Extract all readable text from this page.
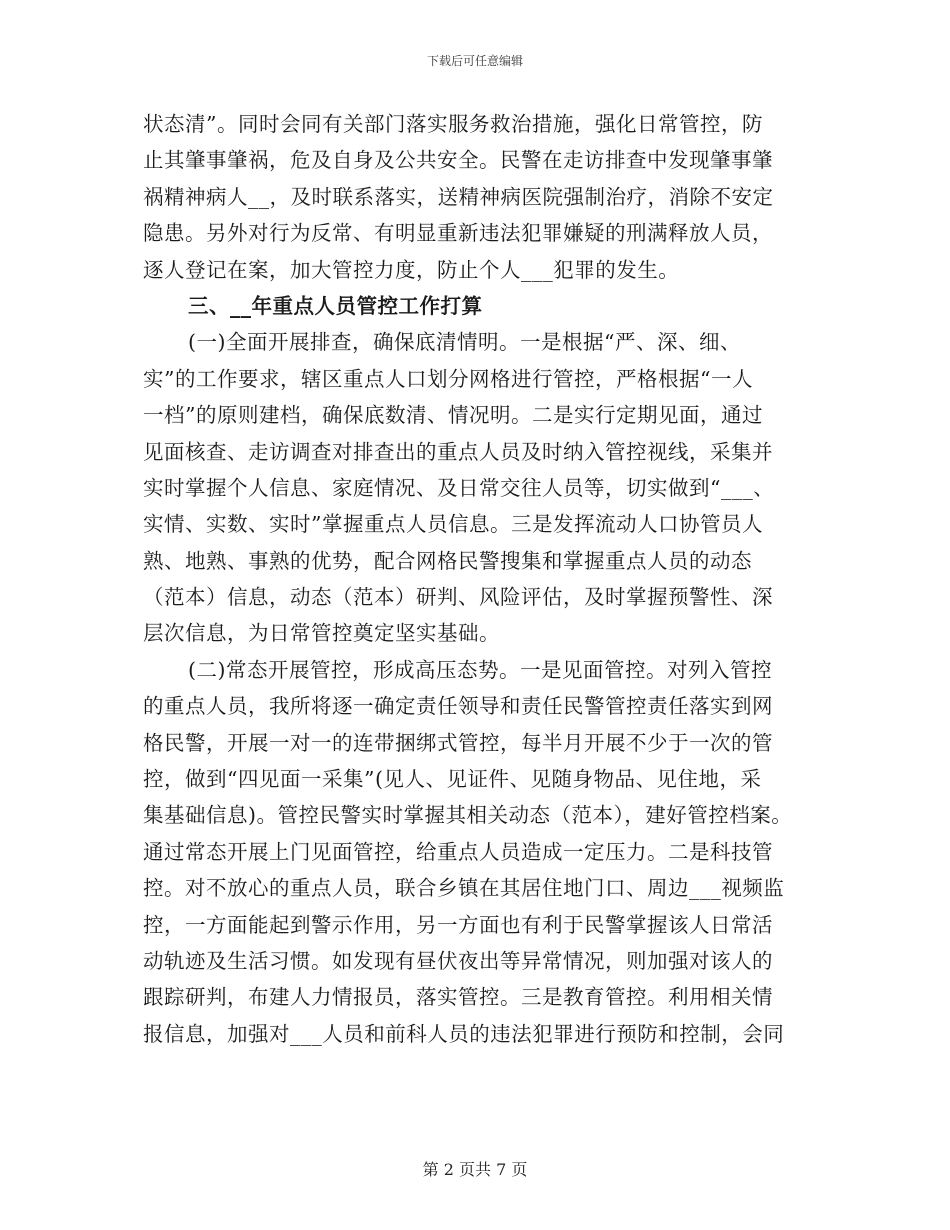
下载后可任意编辑
状态清”。同时会同有关部门落实服务救治措施，强化日常管控，防
止其肇事肇祸，危及自身及公共安全。民警在走访排查中发现肇事肇
祸精神病人__，及时联系落实，送精神病医院强制治疗，消除不安定
隐患。另外对行为反常、有明显重新违法犯罪嫌疑的刑满释放人员，
逐人登记在案，加大管控力度，防止个人___犯罪的发生。
三、__年重点人员管控工作打算
(一)全面开展排查，确保底清情明。一是根据“严、深、细、
实”的工作要求，辖区重点人口划分网格进行管控，严格根据“一人
一档”的原则建档，确保底数清、情况明。二是实行定期见面，通过
见面核查、走访调查对排查出的重点人员及时纳入管控视线，采集并
实时掌握个人信息、家庭情况、及日常交往人员等，切实做到“___、
实情、实数、实时”掌握重点人员信息。三是发挥流动人口协管员人
熟、地熟、事熟的优势，配合网格民警搜集和掌握重点人员的动态
（范本）信息，动态（范本）研判、风险评估，及时掌握预警性、深
层次信息，为日常管控奠定坚实基础。
(二)常态开展管控，形成高压态势。一是见面管控。对列入管控
的重点人员，我所将逐一确定责任领导和责任民警管控责任落实到网
格民警，开展一对一的连带捆绑式管控，每半月开展不少于一次的管
控，做到“四见面一采集”(见人、见证件、见随身物品、见住地，采
集基础信息)。管控民警实时掌握其相关动态（范本），建好管控档案。
通过常态开展上门见面管控，给重点人员造成一定压力。二是科技管
控。对不放心的重点人员，联合乡镇在其居住地门口、周边___视频监
控，一方面能起到警示作用，另一方面也有利于民警掌握该人日常活
动轨迹及生活习惯。如发现有昼伏夜出等异常情况，则加强对该人的
跟踪研判，布建人力情报员，落实管控。三是教育管控。利用相关情
报信息，加强对___人员和前科人员的违法犯罪进行预防和控制，会同
第 2 页共 7 页
